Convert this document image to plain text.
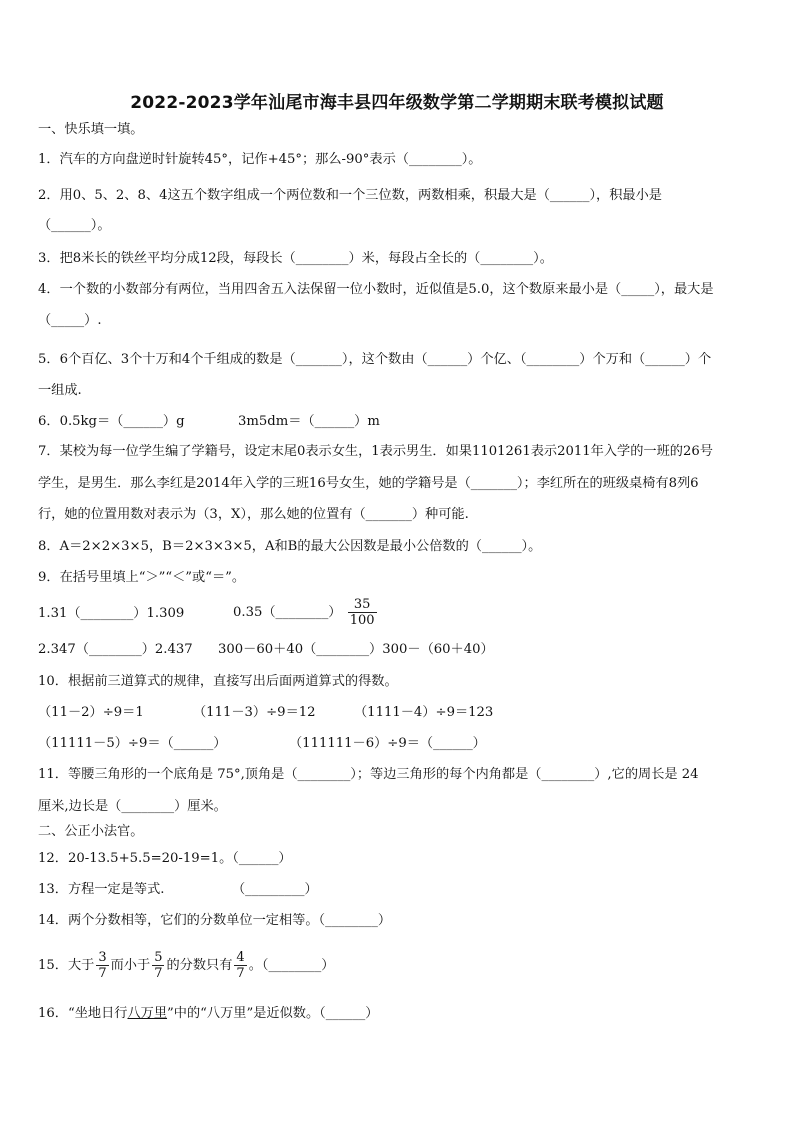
2022-2023学年汕尾市海丰县四年级数学第二学期期末联考模拟试题
一、快乐填一填。
1．汽车的方向盘逆时针旋转45°，记作+45°；那么-90°表示（________）。
2．用0、5、2、8、4这五个数字组成一个两位数和一个三位数，两数相乘，积最大是（______），积最小是
（______）。
3．把8米长的铁丝平均分成12段，每段长（________）米，每段占全长的（________）。
4．一个数的小数部分有两位，当用四舍五入法保留一位小数时，近似值是5.0，这个数原来最小是（_____），最大是
（_____）.
5．6个百亿、3个十万和4个千组成的数是（_______），这个数由（______）个亿、（________）个万和（______）个
一组成.
6．0.5kg＝（______）g	3m5dm＝（______）m
7．某校为每一位学生编了学籍号，设定末尾0表示女生，1表示男生．如果1101261表示2011年入学的一班的26号
学生，是男生．那么李红是2014年入学的三班16号女生，她的学籍号是（_______）；李红所在的班级桌椅有8列6
行，她的位置用数对表示为（3，X），那么她的位置有（_______）种可能.
8．A＝2×2×3×5，B＝2×3×3×5，A和B的最大公因数是最小公倍数的（______）。
9．在括号里填上“＞”“＜”或“＝”。
1.31（________）1.309	0.35（________） $\frac{35}{100}$
2.347（________）2.437 300－60＋40（________）300－（60＋40）
10．根据前三道算式的规律，直接写出后面两道算式的得数。
（11－2）÷9＝1	（111－3）÷9＝12	（1111－4）÷9＝123
（11111－5）÷9＝（______）	（111111－6）÷9＝（______）
11．等腰三角形的一个底角是 75°,顶角是（________）；等边三角形的每个内角都是（________）,它的周长是 24
厘米,边长是（________）厘米。
二、公正小法官。
12．20-13.5+5.5=20-19=1。（______）
13．方程一定是等式.	（_________）
14．两个分数相等，它们的分数单位一定相等。（________）
15．大于 $\frac{3}{7}$ 而小于 $\frac{5}{7}$ 的分数只有 $\frac{4}{7}$ 。（________）
16．“坐地日行八万里”中的“八万里”是近似数。（______）
